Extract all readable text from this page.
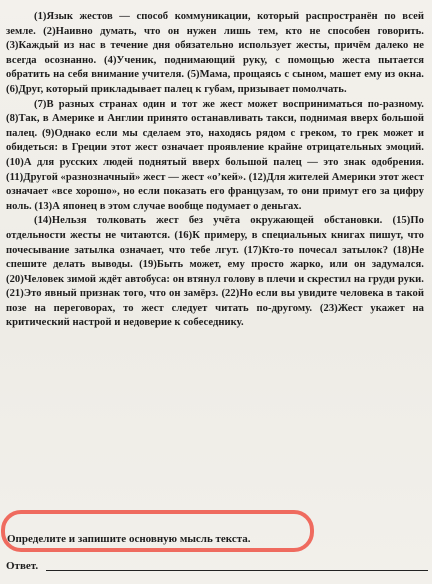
(1)Язык жестов — способ коммуникации, который распространён по всей земле. (2)Наивно думать, что он нужен лишь тем, кто не способен говорить. (3)Каждый из нас в течение дня обязательно использует жесты, причём далеко не всегда осознанно. (4)Ученик, поднимающий руку, с помощью жеста пытается обратить на себя внимание учителя. (5)Мама, прощаясь с сыном, машет ему из окна. (6)Друг, который прикладывает палец к губам, призывает помолчать.

(7)В разных странах один и тот же жест может восприниматься по-разному. (8)Так, в Америке и Англии принято останавливать такси, поднимая вверх большой палец. (9)Однако если мы сделаем это, находясь рядом с греком, то грек может и обидеться: в Греции этот жест означает проявление крайне отрицательных эмоций. (10)А для русских людей поднятый вверх большой палец — это знак одобрения. (11)Другой «разнозначный» жест — жест «о’кей». (12)Для жителей Америки этот жест означает «все хорошо», но если показать его французам, то они примут его за цифру ноль. (13)А японец в этом случае вообще подумает о деньгах.

(14)Нельзя толковать жест без учёта окружающей обстановки. (15)По отдельности жесты не читаются. (16)К примеру, в специальных книгах пишут, что почесывание затылка означает, что тебе лгут. (17)Кто-то почесал затылок? (18)Не спешите делать выводы. (19)Быть может, ему просто жарко, или он задумался. (20)Человек зимой ждёт автобуса: он втянул голову в плечи и скрестил на груди руки. (21)Это явный признак того, что он замёрз. (22)Но если вы увидите человека в такой позе на переговорах, то жест следует читать по-другому. (23)Жест укажет на критический настрой и недоверие к собеседнику.

Определите и запишите основную мысль текста.
Ответ.
